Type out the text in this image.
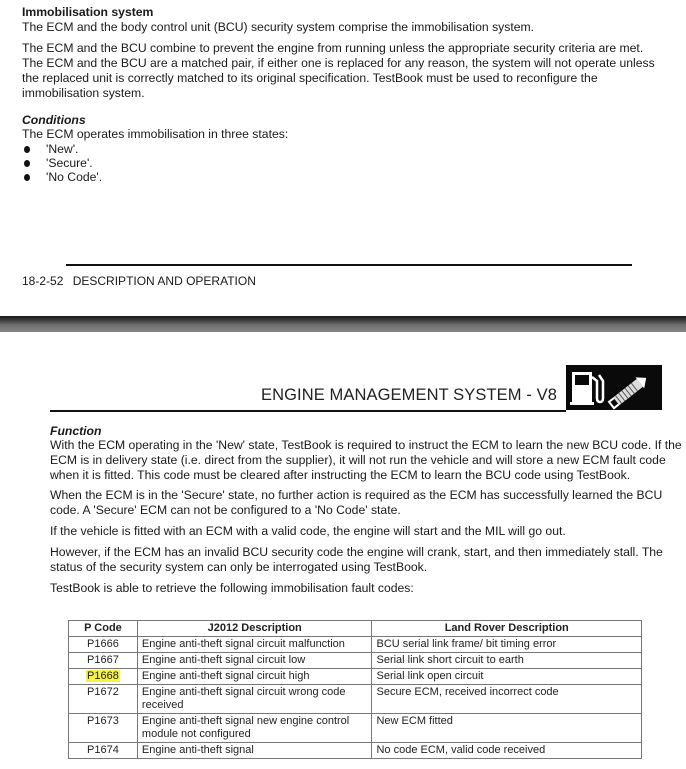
Immobilisation system

The ECM and the body control unit (BCU) security system comprise the immobilisation system.

The ECM and the BCU combine to prevent the engine from running unless the appropriate security criteria are met.

The ECM and the BCU are a matched pair, if either one is replaced for any reason, the system will not operate unless

the replaced unit is correctly matched to its original specification. TestBook must be used to reconfigure the

immobilisation system.

Conditions

The ECM operates immobilisation in three states:

'New'.
'Secure'.
'No Code'.
18-2-52 DESCRIPTION AND OPERATION
ENGINE MANAGEMENT SYSTEM - V8
Function

With the ECM operating in the 'New' state, TestBook is required to instruct the ECM to learn the new BCU code. If the

ECM is in delivery state (i.e. direct from the supplier), it will not run the vehicle and will store a new ECM fault code

when it is fitted. This code must be cleared after instructing the ECM to learn the BCU code using TestBook.

When the ECM is in the 'Secure' state, no further action is required as the ECM has successfully learned the BCU

code. A 'Secure' ECM can not be configured to a 'No Code' state.

If the vehicle is fitted with an ECM with a valid code, the engine will start and the MIL will go out.

However, if the ECM has an invalid BCU security code the engine will crank, start, and then immediately stall. The

status of the security system can only be interrogated using TestBook.

TestBook is able to retrieve the following immobilisation fault codes:

P Code	J2012 Description	Land Rover Description
P1666	Engine anti-theft signal circuit malfunction	BCU serial link frame/ bit timing error
P1667	Engine anti-theft signal circuit low	Serial link short circuit to earth
P1668	Engine anti-theft signal circuit high	Serial link open circuit
P1672	Engine anti-theft signal circuit wrong code received	Secure ECM, received incorrect code
P1673	Engine anti-theft signal new engine control module not configured	New ECM fitted
P1674	Engine anti-theft signal	No code ECM, valid code received
